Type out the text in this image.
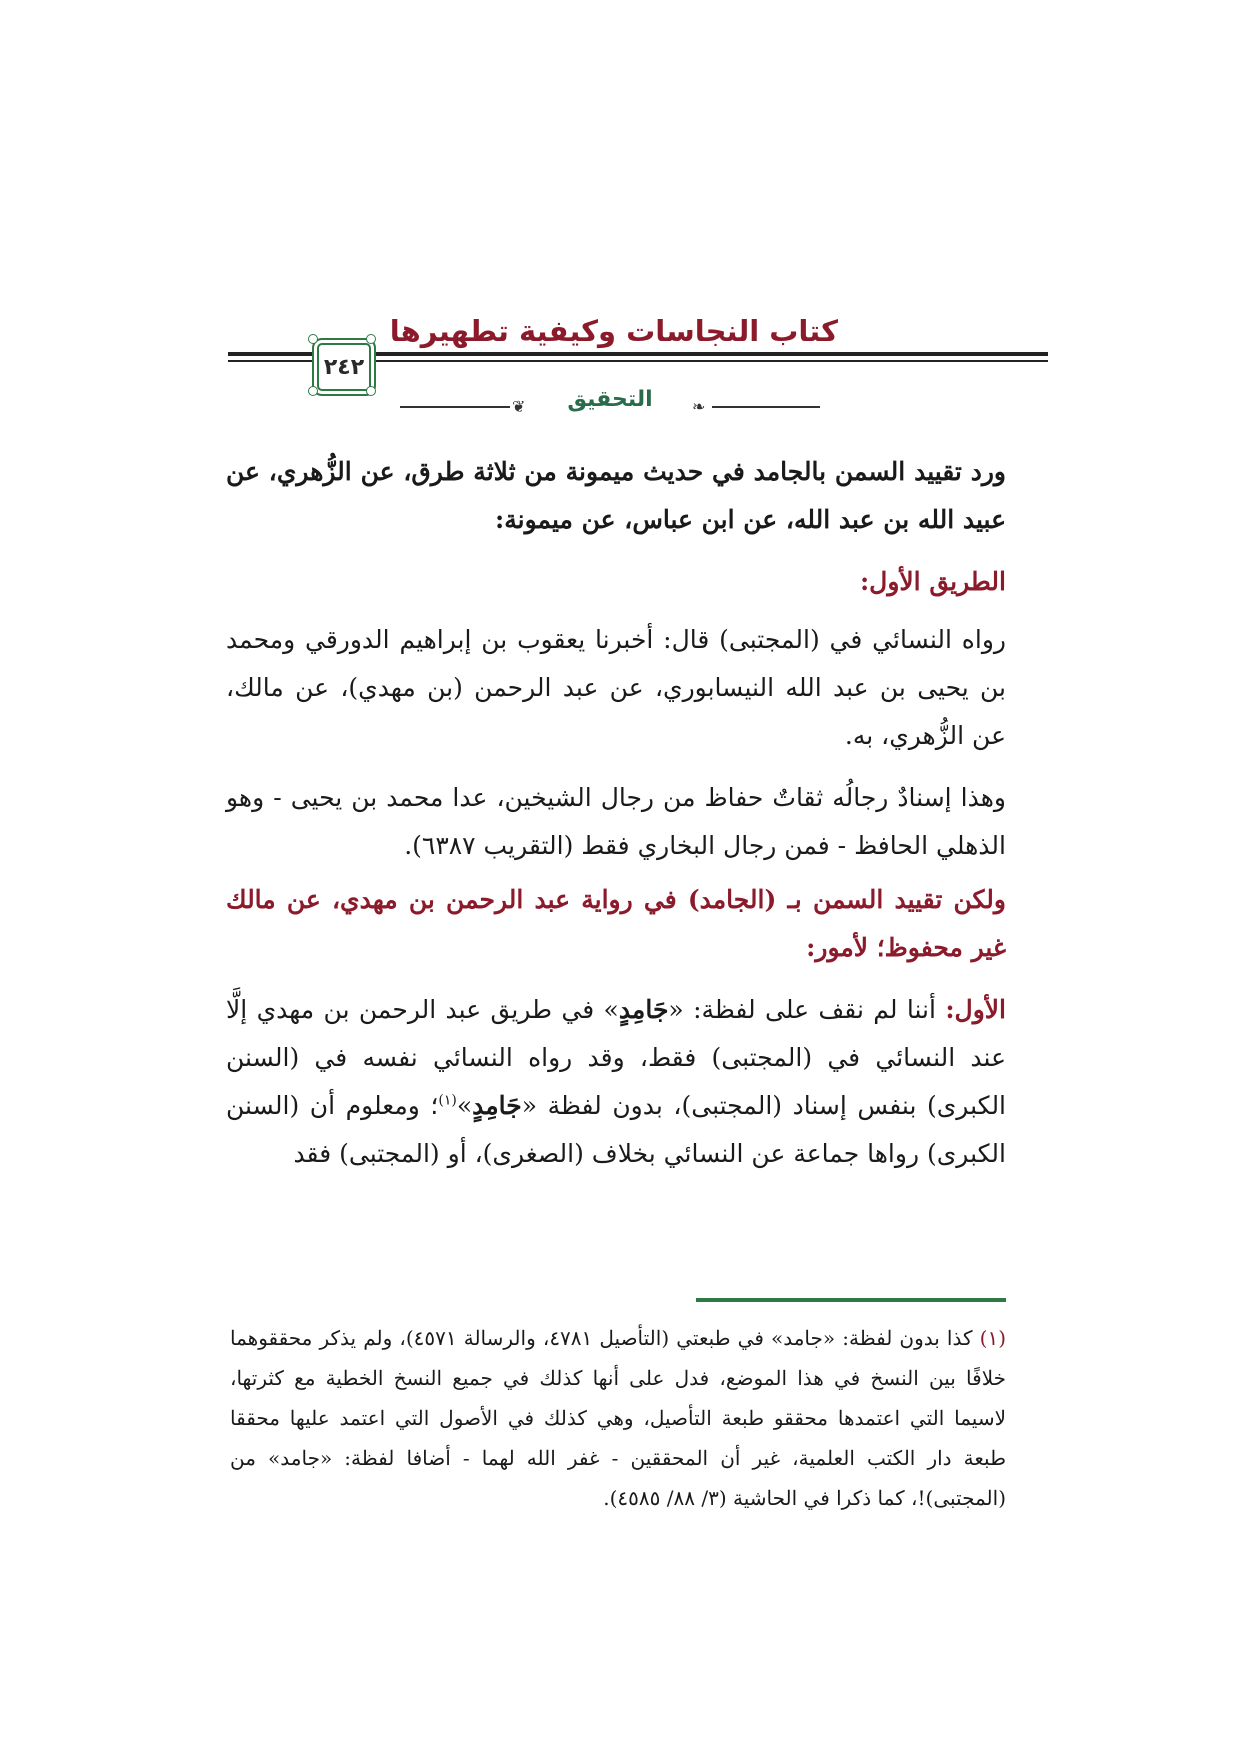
كتاب النجاسات وكيفية تطهيرها
٢٤٢
❦	التحقيق	❧

ورد تقييد السمن بالجامد في حديث ميمونة من ثلاثة طرق، عن الزُّهري، عن عبيد الله بن عبد الله، عن ابن عباس، عن ميمونة:

الطريق الأول:

رواه النسائي في (المجتبى) قال: أخبرنا يعقوب بن إبراهيم الدورقي ومحمد بن يحيى بن عبد الله النيسابوري، عن عبد الرحمن (بن مهدي)، عن مالك، عن الزُّهري، به.

وهذا إسنادٌ رجالُه ثقاتٌ حفاظ من رجال الشيخين، عدا محمد بن يحيى - وهو الذهلي الحافظ - فمن رجال البخاري فقط (التقريب ٦٣٨٧).

ولكن تقييد السمن بـ (الجامد) في رواية عبد الرحمن بن مهدي، عن مالك غير محفوظ؛ لأمور:

الأول: أننا لم نقف على لفظة: «جَامِدٍ» في طريق عبد الرحمن بن مهدي إلَّا عند النسائي في (المجتبى) فقط، وقد رواه النسائي نفسه في (السنن الكبرى) بنفس إسناد (المجتبى)، بدون لفظة «جَامِدٍ»$^{(١)}$؛ ومعلوم أن (السنن الكبرى) رواها جماعة عن النسائي بخلاف (الصغرى)، أو (المجتبى) فقد

(١) كذا بدون لفظة: «جامد» في طبعتي (التأصيل ٤٧٨١، والرسالة ٤٥٧١)، ولم يذكر محققوهما خلافًا بين النسخ في هذا الموضع، فدل على أنها كذلك في جميع النسخ الخطية مع كثرتها، لاسيما التي اعتمدها محققو طبعة التأصيل، وهي كذلك في الأصول التي اعتمد عليها محققا طبعة دار الكتب العلمية، غير أن المحققين - غفر الله لهما - أضافا لفظة: «جامد» من (المجتبى)!، كما ذكرا في الحاشية (٣/ ٨٨/ ٤٥٨٥).
